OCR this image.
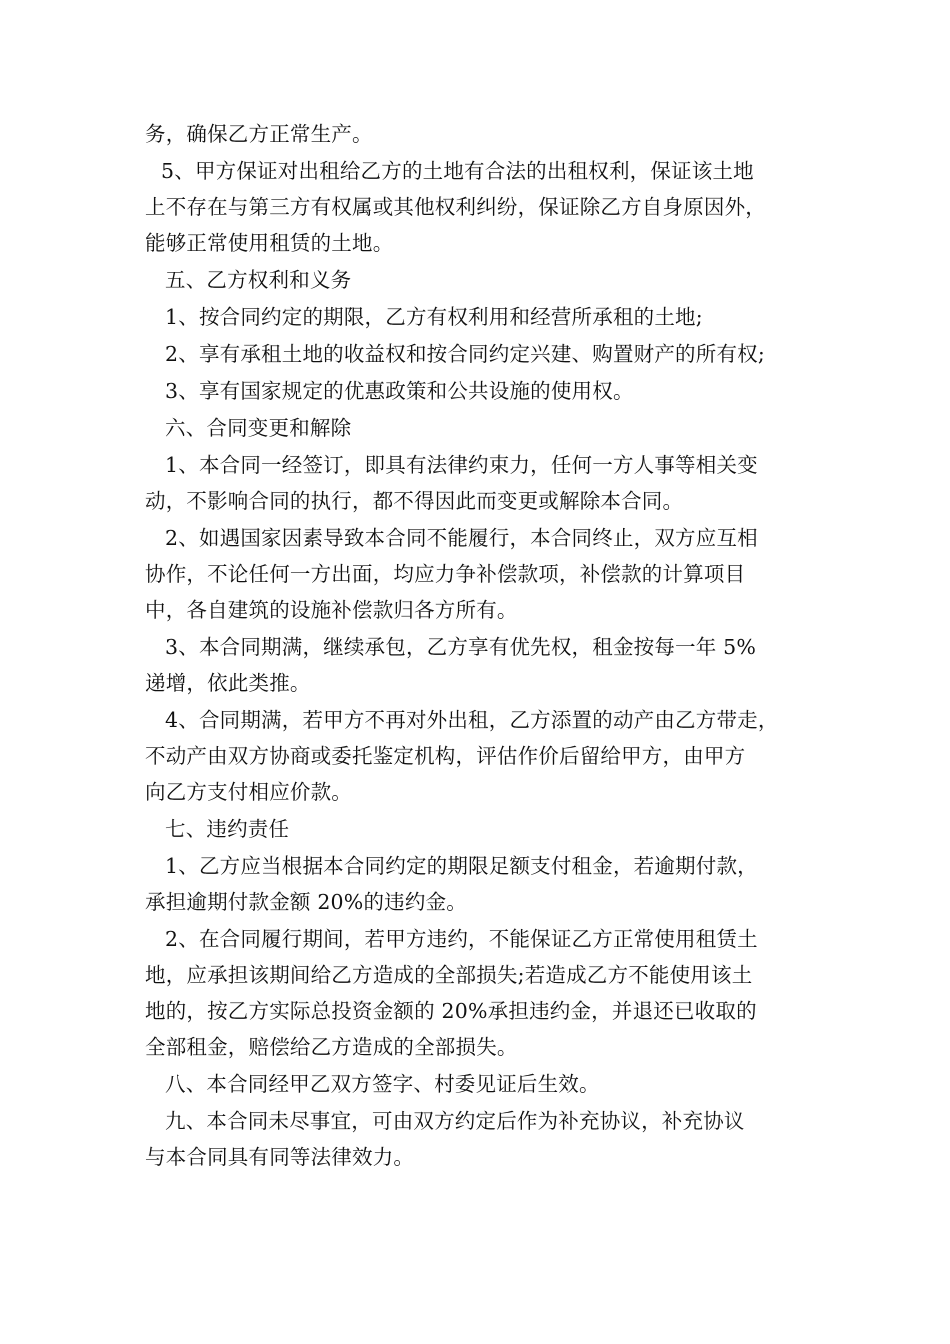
务，确保乙方正常生产。
5、甲方保证对出租给乙方的土地有合法的出租权利，保证该土地
上不存在与第三方有权属或其他权利纠纷，保证除乙方自身原因外，
能够正常使用租赁的土地。
五、乙方权利和义务
1、按合同约定的期限，乙方有权利用和经营所承租的土地;
2、享有承租土地的收益权和按合同约定兴建、购置财产的所有权;
3、享有国家规定的优惠政策和公共设施的使用权。
六、合同变更和解除
1、本合同一经签订，即具有法律约束力，任何一方人事等相关变
动，不影响合同的执行，都不得因此而变更或解除本合同。
2、如遇国家因素导致本合同不能履行，本合同终止，双方应互相
协作，不论任何一方出面，均应力争补偿款项，补偿款的计算项目
中，各自建筑的设施补偿款归各方所有。
3、本合同期满，继续承包，乙方享有优先权，租金按每一年 5%
递增，依此类推。
4、合同期满，若甲方不再对外出租，乙方添置的动产由乙方带走，
不动产由双方协商或委托鉴定机构，评估作价后留给甲方，由甲方
向乙方支付相应价款。
七、违约责任
1、乙方应当根据本合同约定的期限足额支付租金，若逾期付款，
承担逾期付款金额 20%的违约金。
2、在合同履行期间，若甲方违约，不能保证乙方正常使用租赁土
地，应承担该期间给乙方造成的全部损失;若造成乙方不能使用该土
地的，按乙方实际总投资金额的 20%承担违约金，并退还已收取的
全部租金，赔偿给乙方造成的全部损失。
八、本合同经甲乙双方签字、村委见证后生效。
九、本合同未尽事宜，可由双方约定后作为补充协议，补充协议
与本合同具有同等法律效力。
